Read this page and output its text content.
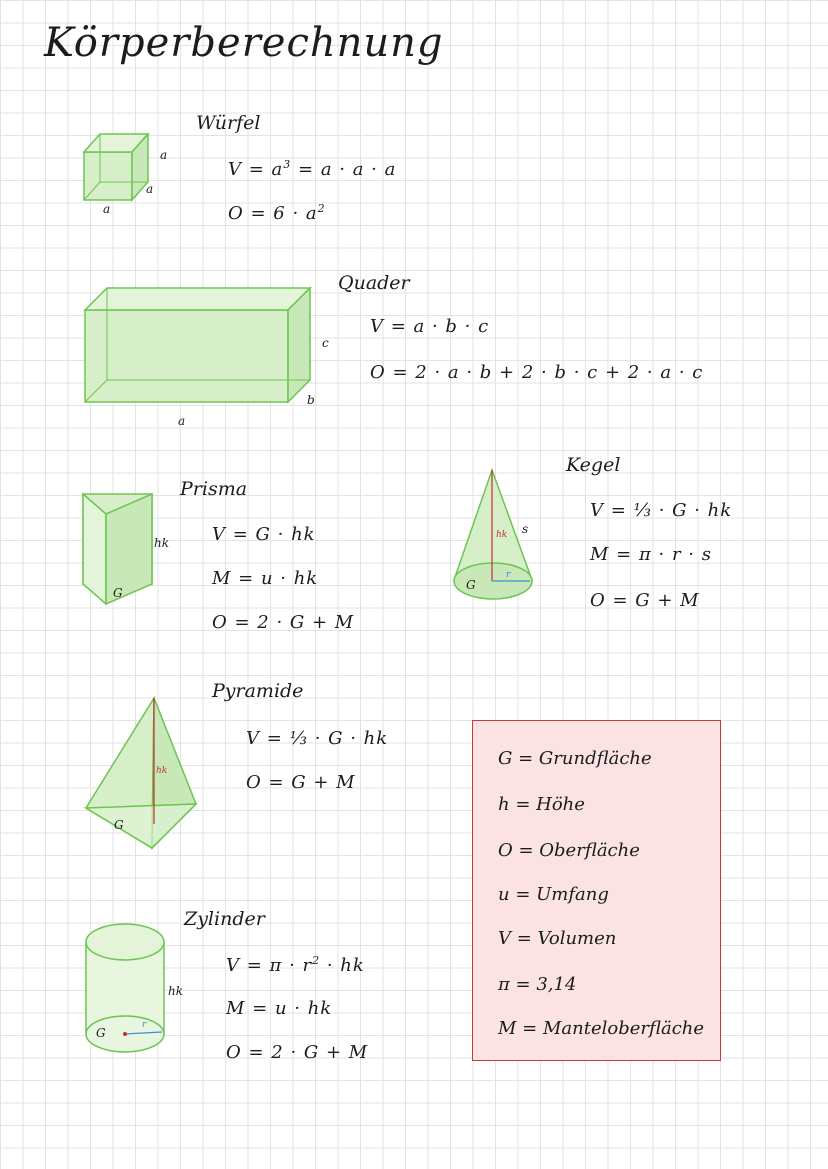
Körperberechnung
a
a
a
Würfel
$V = a^3 = a \cdot a \cdot a$
$O = 6 \cdot a^2$
a
b
c
Quader
V = a · b · c
O = 2 · a · b + 2 · b · c + 2 · a · c
hk
G
Prisma
V = G · hk
M = u · hk
O = 2 · G + M
hk s
r
G
Kegel
V = ⅓ · G · hk
M = π · r · s
O = G + M
hk
G
Pyramide
V = ⅓ · G · hk
O = G + M
hk
G
r
Zylinder
$V = \pi \cdot r^2$ · hk
M = u · hk
O = 2 · G + M
G = Grundfläche
h = Höhe
O = Oberfläche
u = Umfang
V = Volumen
π = 3,14
M = Manteloberfläche
